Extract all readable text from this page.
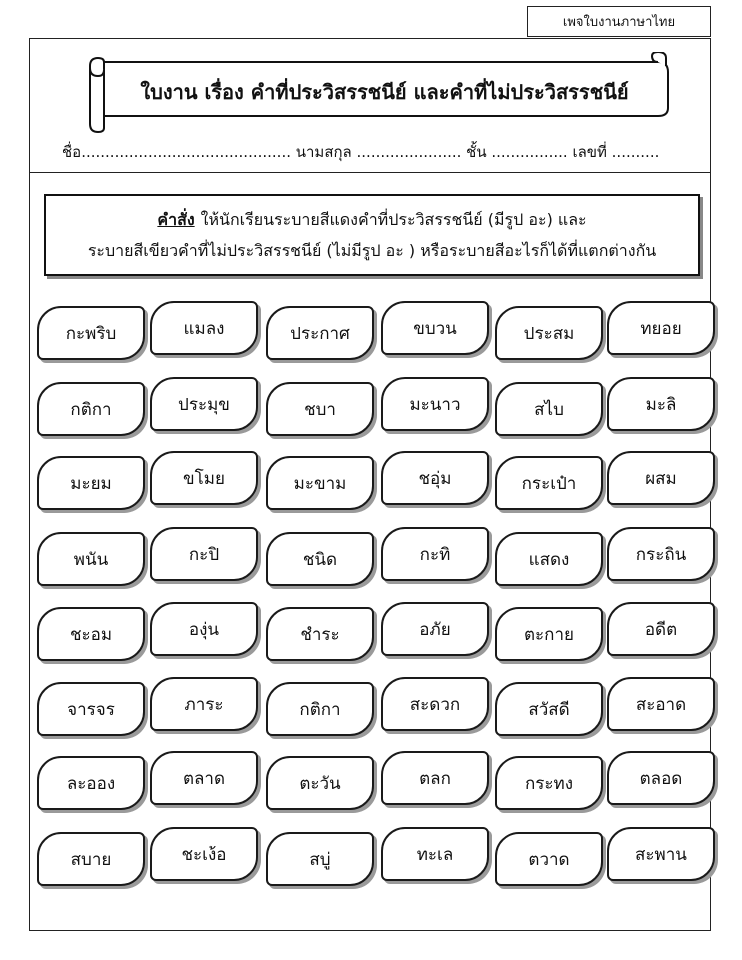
เพจใบงานภาษาไทย
ใบงาน เรื่อง คำที่ประวิสรรชนีย์ และคำที่ไม่ประวิสรรชนีย์
ชื่อ............................................ นามสกุล ...................... ชั้น ................ เลขที่ ..........
คำสั่ง ให้นักเรียนระบายสีแดงคำที่ประวิสรรชนีย์ (มีรูป อะ) และ
ระบายสีเขียวคำที่ไม่ประวิสรรชนีย์ (ไม่มีรูป อะ ) หรือระบายสีอะไรก็ได้ที่แตกต่างกัน
กะพริบ	แมลง	ประกาศ	ขบวน	ประสม	ทยอย
กติกา	ประมุข	ชบา	มะนาว	สไบ	มะลิ
มะยม	ขโมย	มะขาม	ชอุ่ม	กระเป๋า	ผสม
พนัน	กะปิ	ชนิด	กะทิ	แสดง	กระถิน
ชะอม	องุ่น	ชำระ	อภัย	ตะกาย	อดีต
จารจร	ภาระ	กติกา	สะดวก	สวัสดี	สะอาด
ละออง	ตลาด	ตะวัน	ตลก	กระทง	ตลอด
สบาย	ชะเง้อ	สบู่	ทะเล	ตวาด	สะพาน
